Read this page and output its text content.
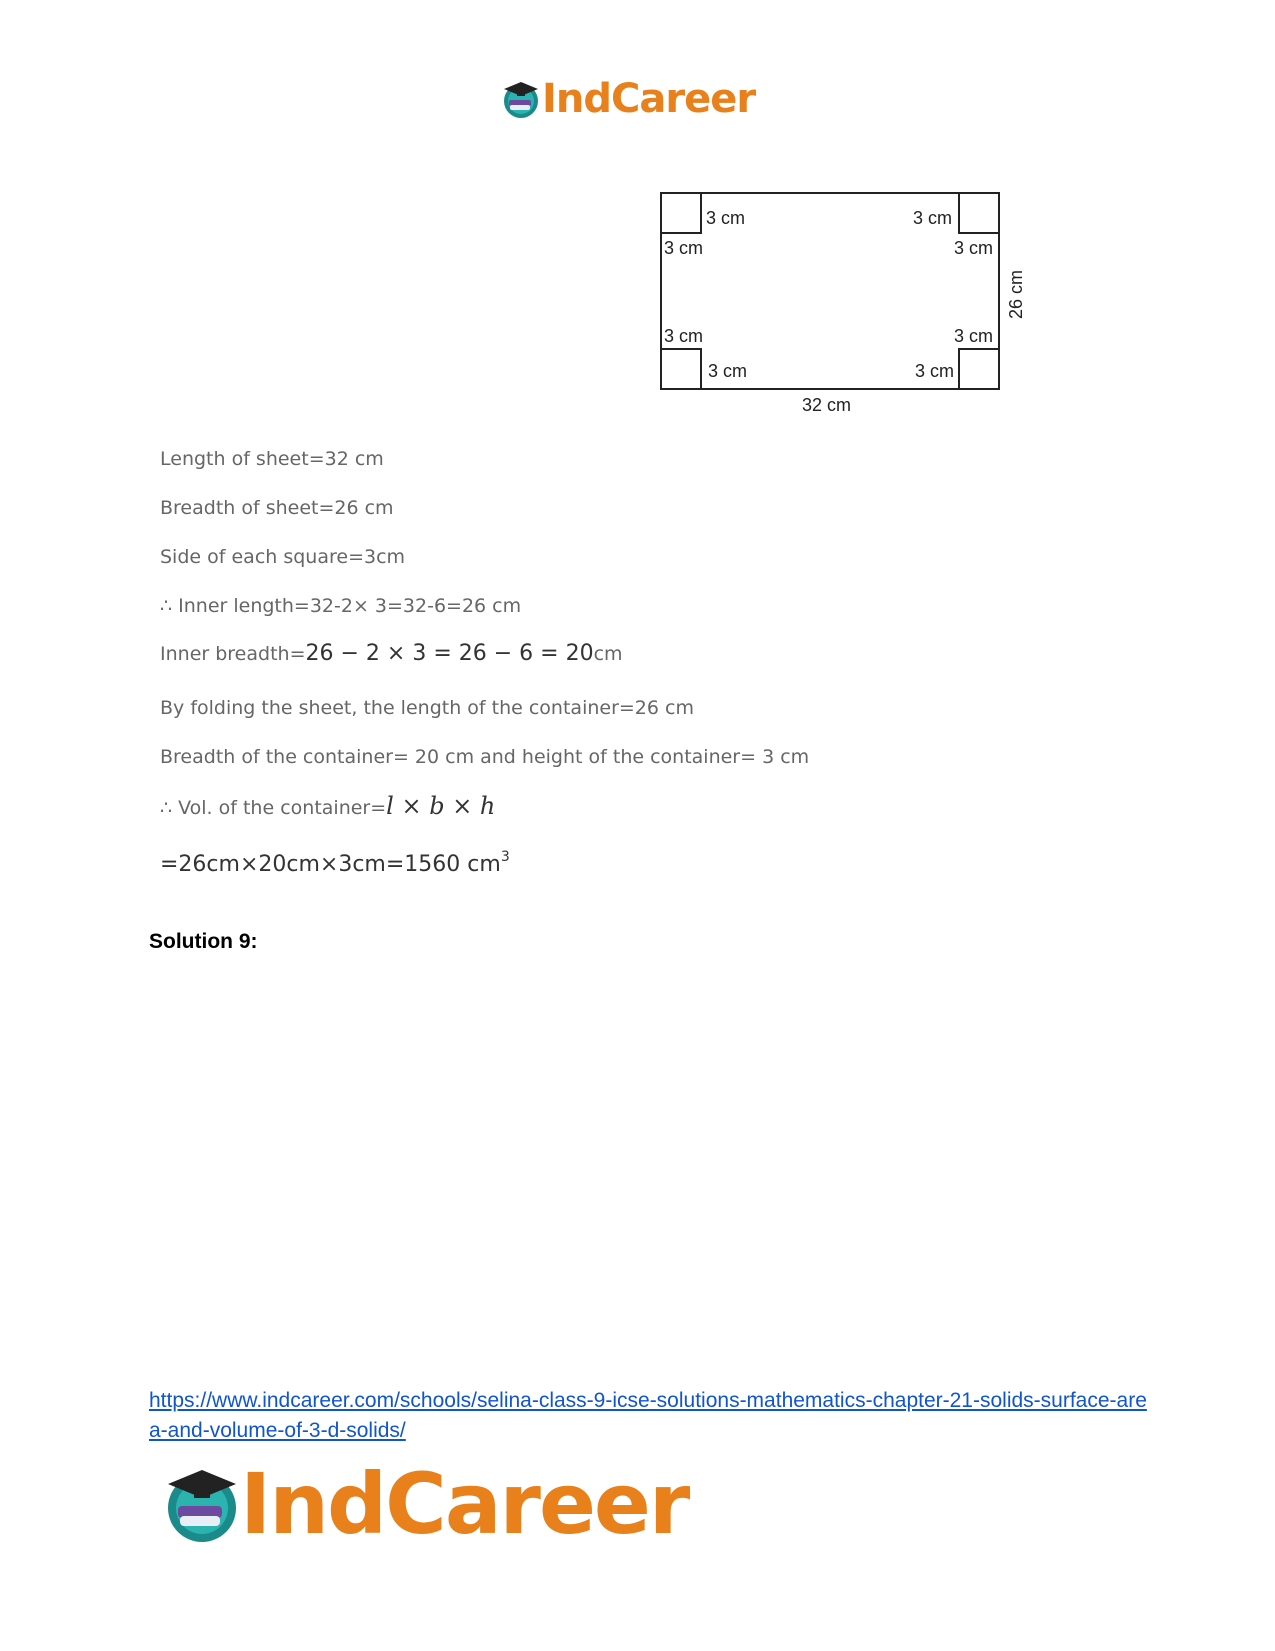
IndCareer
3 cm
3 cm
3 cm
3 cm
3 cm
3 cm
3 cm
3 cm
32 cm
26 cm
Length of sheet=32 cm
Breadth of sheet=26 cm
Side of each square=3cm
∴ Inner length=32-2× 3=32-6=26 cm
Inner breadth=26 − 2 × 3 = 26 − 6 = 20cm
By folding the sheet, the length of the container=26 cm
Breadth of the container= 20 cm and height of the container= 3 cm
∴ Vol. of the container=l × b × h
=26cm×20cm×3cm=1560 $cm^3$
Solution 9:
https://www.indcareer.com/schools/selina-class-9-icse-solutions-mathematics-chapter-21-solids-surface-area-and-volume-of-3-d-solids/
IndCareer
